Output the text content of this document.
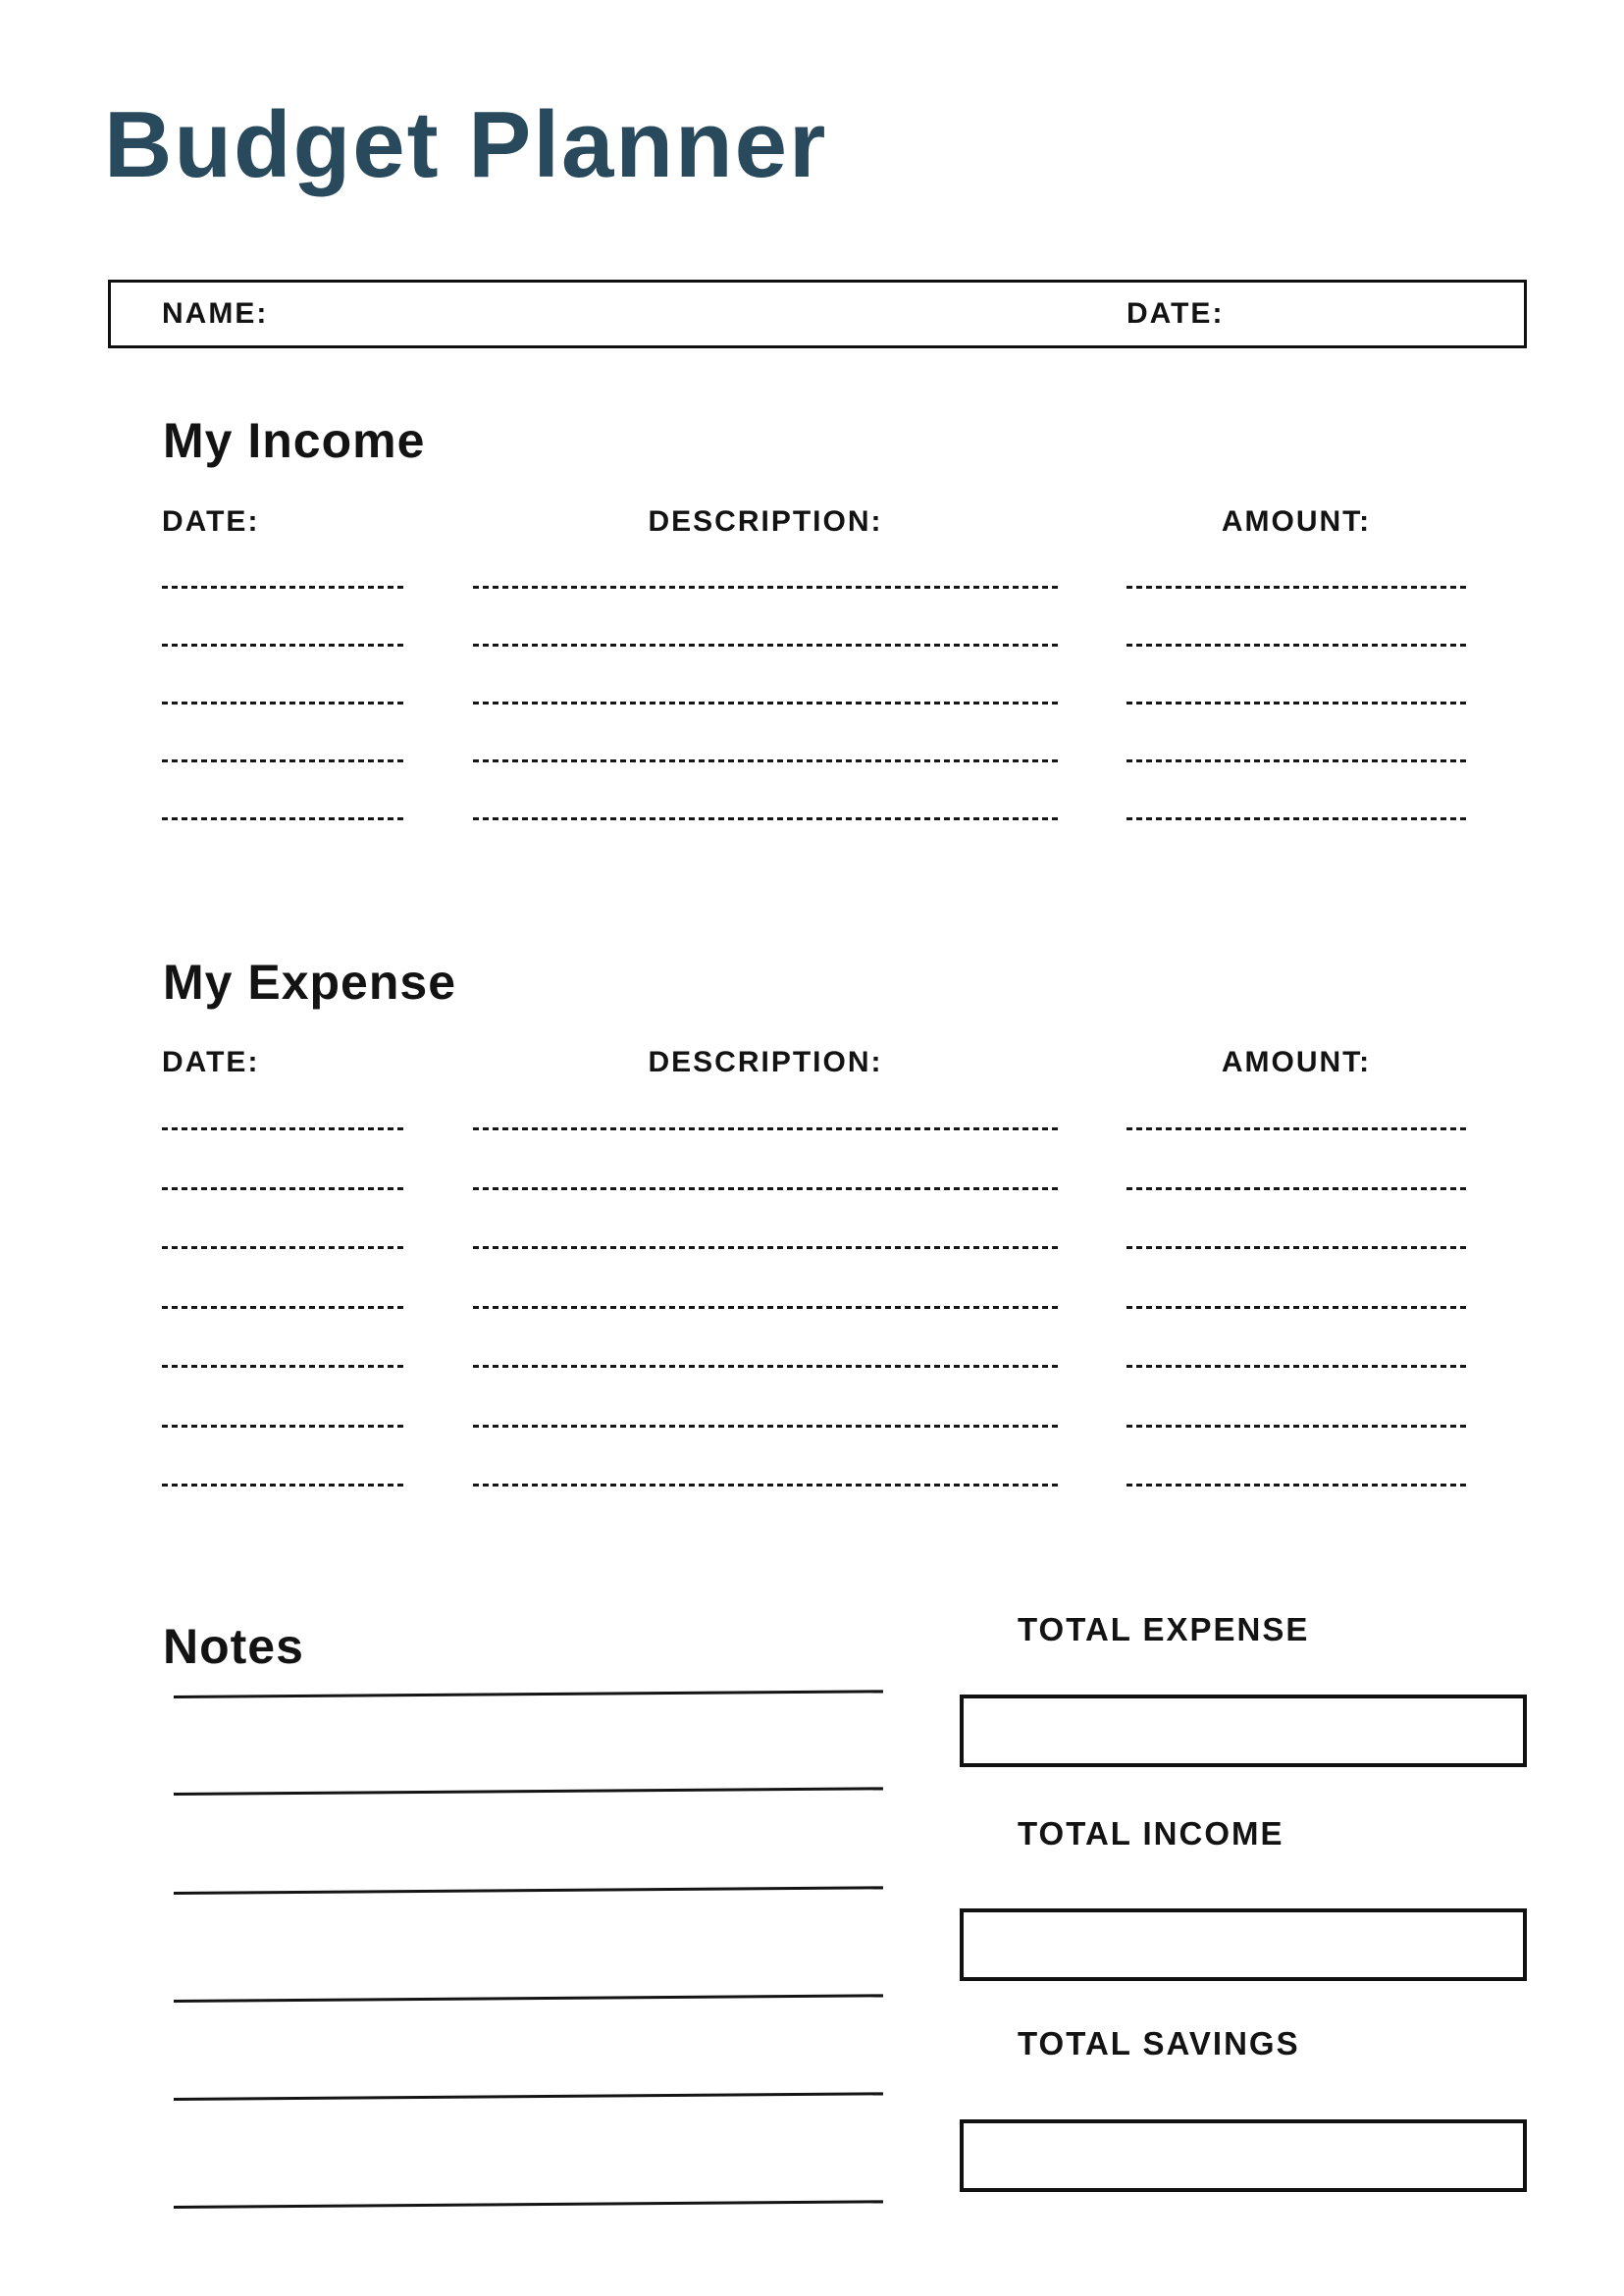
Budget Planner
NAME:	DATE:
My Income
DATE:	DESCRIPTION:	AMOUNT:
My Expense
DATE:	DESCRIPTION:	AMOUNT:
Notes	TOTAL EXPENSE
TOTAL INCOME
TOTAL SAVINGS
